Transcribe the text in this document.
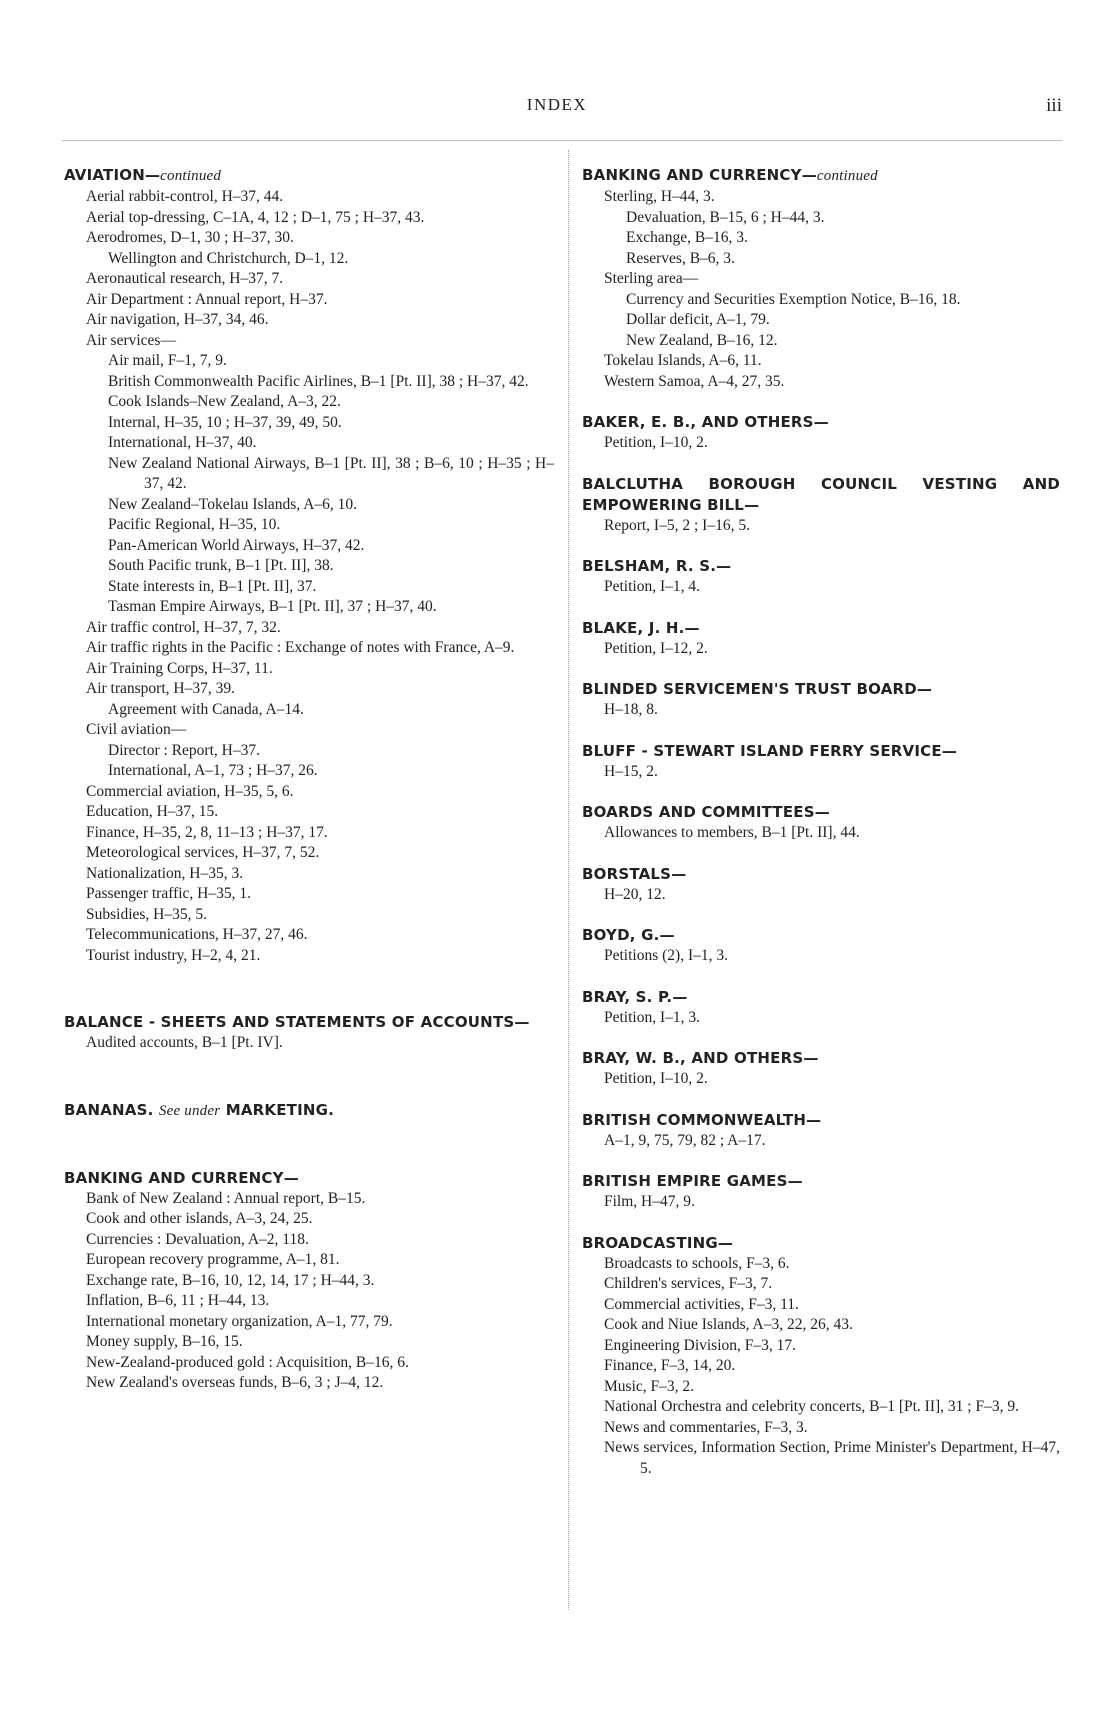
INDEX	iii
AVIATION—continued
Aerial rabbit-control, H–37, 44.
Aerial top-dressing, C–1A, 4, 12 ; D–1, 75 ; H–37, 43.
Aerodromes, D–1, 30 ; H–37, 30.
Wellington and Christchurch, D–1, 12.
Aeronautical research, H–37, 7.
Air Department : Annual report, H–37.
Air navigation, H–37, 34, 46.
Air services—
Air mail, F–1, 7, 9.
British Commonwealth Pacific Airlines, B–1 [Pt. II], 38 ; H–37, 42.
Cook Islands–New Zealand, A–3, 22.
Internal, H–35, 10 ; H–37, 39, 49, 50.
International, H–37, 40.
New Zealand National Airways, B–1 [Pt. II], 38 ; B–6, 10 ; H–35 ; H–37, 42.
New Zealand–Tokelau Islands, A–6, 10.
Pacific Regional, H–35, 10.
Pan-American World Airways, H–37, 42.
South Pacific trunk, B–1 [Pt. II], 38.
State interests in, B–1 [Pt. II], 37.
Tasman Empire Airways, B–1 [Pt. II], 37 ; H–37, 40.
Air traffic control, H–37, 7, 32.
Air traffic rights in the Pacific : Exchange of notes with France, A–9.
Air Training Corps, H–37, 11.
Air transport, H–37, 39.
Agreement with Canada, A–14.
Civil aviation—
Director : Report, H–37.
International, A–1, 73 ; H–37, 26.
Commercial aviation, H–35, 5, 6.
Education, H–37, 15.
Finance, H–35, 2, 8, 11–13 ; H–37, 17.
Meteorological services, H–37, 7, 52.
Nationalization, H–35, 3.
Passenger traffic, H–35, 1.
Subsidies, H–35, 5.
Telecommunications, H–37, 27, 46.
Tourist industry, H–2, 4, 21.
BALANCE - SHEETS AND STATEMENTS OF ACCOUNTS—
Audited accounts, B–1 [Pt. IV].
BANANAS. See under MARKETING.
BANKING AND CURRENCY—
Bank of New Zealand : Annual report, B–15.
Cook and other islands, A–3, 24, 25.
Currencies : Devaluation, A–2, 118.
European recovery programme, A–1, 81.
Exchange rate, B–16, 10, 12, 14, 17 ; H–44, 3.
Inflation, B–6, 11 ; H–44, 13.
International monetary organization, A–1, 77, 79.
Money supply, B–16, 15.
New-Zealand-produced gold : Acquisition, B–16, 6.
New Zealand's overseas funds, B–6, 3 ; J–4, 12.
BANKING AND CURRENCY—continued
Sterling, H–44, 3.
Devaluation, B–15, 6 ; H–44, 3.
Exchange, B–16, 3.
Reserves, B–6, 3.
Sterling area—
Currency and Securities Exemption Notice, B–16, 18.
Dollar deficit, A–1, 79.
New Zealand, B–16, 12.
Tokelau Islands, A–6, 11.
Western Samoa, A–4, 27, 35.
BAKER, E. B., AND OTHERS—
Petition, I–10, 2.
BALCLUTHA BOROUGH COUNCIL VESTING AND EMPOWERING BILL—
Report, I–5, 2 ; I–16, 5.
BELSHAM, R. S.—
Petition, I–1, 4.
BLAKE, J. H.—
Petition, I–12, 2.
BLINDED SERVICEMEN'S TRUST BOARD—
H–18, 8.
BLUFF - STEWART ISLAND FERRY SERVICE—
H–15, 2.
BOARDS AND COMMITTEES—
Allowances to members, B–1 [Pt. II], 44.
BORSTALS—
H–20, 12.
BOYD, G.—
Petitions (2), I–1, 3.
BRAY, S. P.—
Petition, I–1, 3.
BRAY, W. B., AND OTHERS—
Petition, I–10, 2.
BRITISH COMMONWEALTH—
A–1, 9, 75, 79, 82 ; A–17.
BRITISH EMPIRE GAMES—
Film, H–47, 9.
BROADCASTING—
Broadcasts to schools, F–3, 6.
Children's services, F–3, 7.
Commercial activities, F–3, 11.
Cook and Niue Islands, A–3, 22, 26, 43.
Engineering Division, F–3, 17.
Finance, F–3, 14, 20.
Music, F–3, 2.
National Orchestra and celebrity concerts, B–1 [Pt. II], 31 ; F–3, 9.
News and commentaries, F–3, 3.
News services, Information Section, Prime Minister's Department, H–47, 5.
